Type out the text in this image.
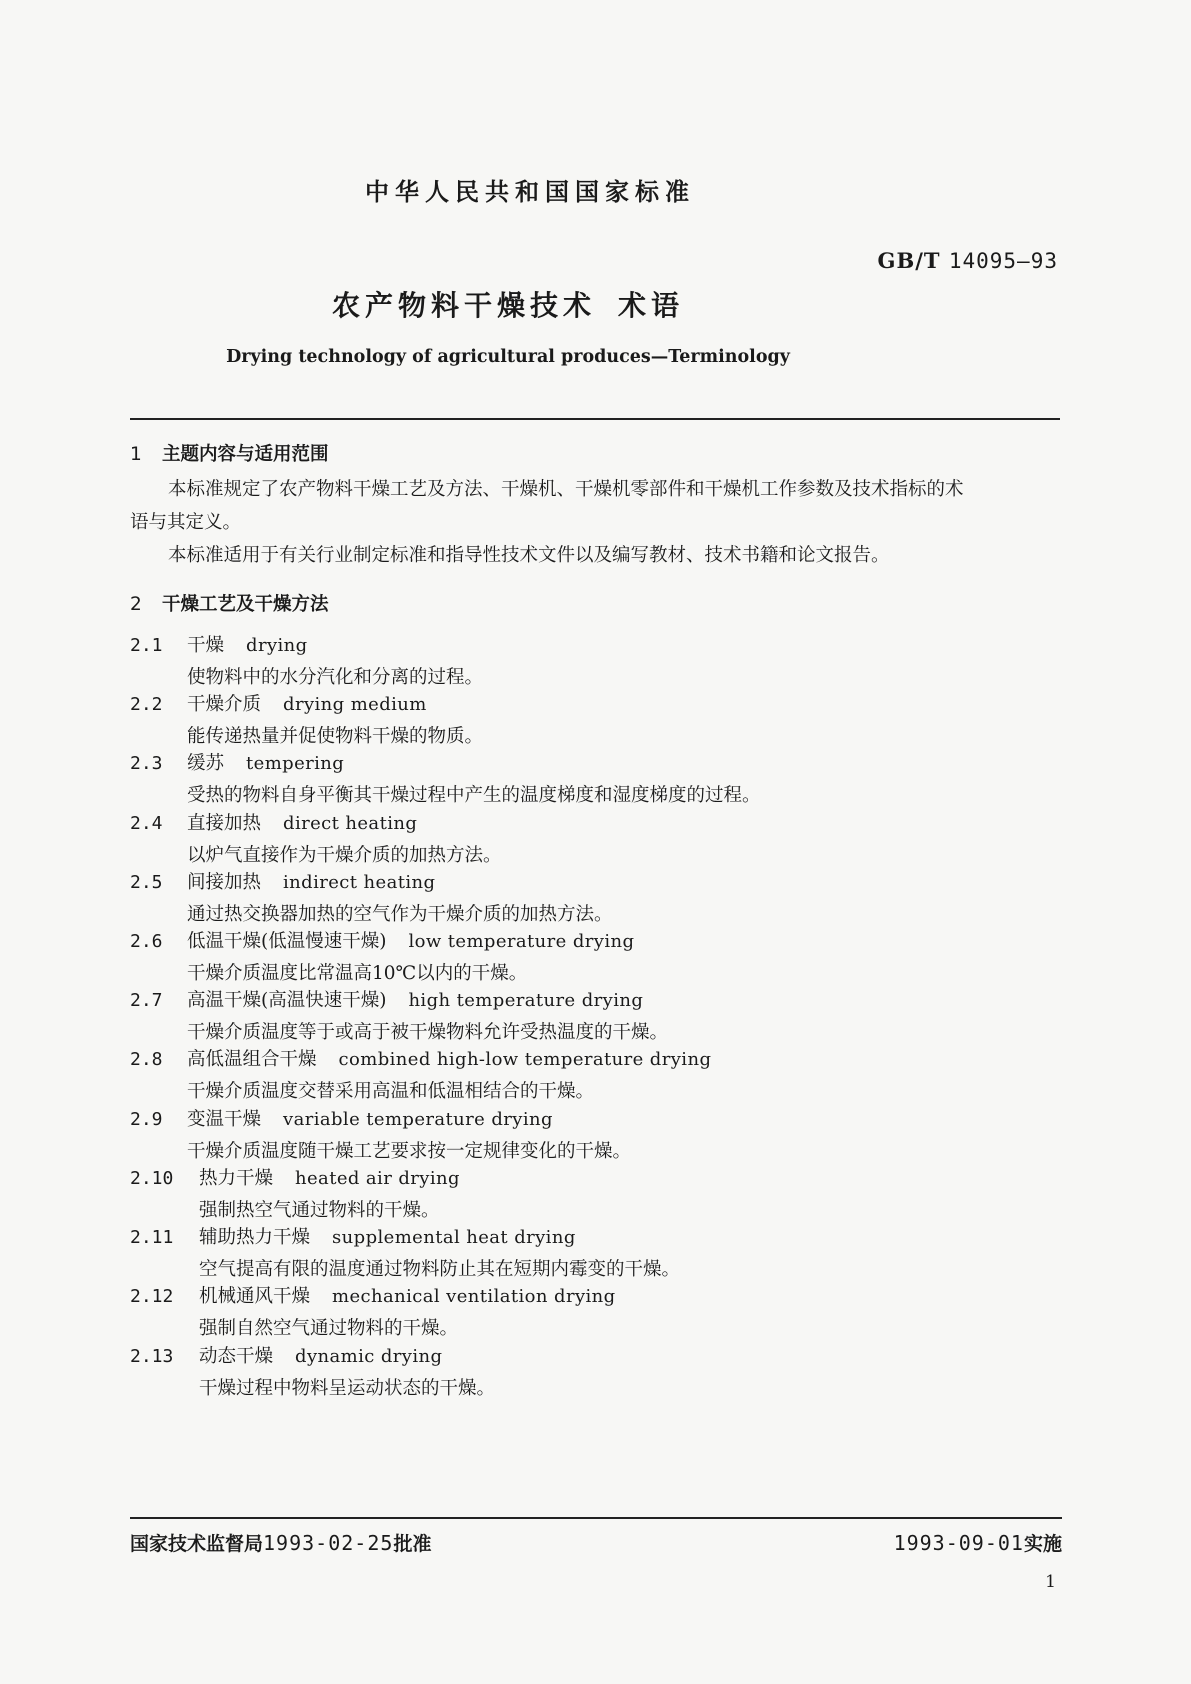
中华人民共和国国家标准
GB/T 14095—93
农产物料干燥技术 术语
Drying technology of agricultural produces—Terminology
1 主题内容与适用范围
本标准规定了农产物料干燥工艺及方法、干燥机、干燥机零部件和干燥机工作参数及技术指标的术
语与其定义。
本标准适用于有关行业制定标准和指导性技术文件以及编写教材、技术书籍和论文报告。
2 干燥工艺及干燥方法
2.1 干燥 drying
使物料中的水分汽化和分离的过程。
2.2 干燥介质 drying medium
能传递热量并促使物料干燥的物质。
2.3 缓苏 tempering
受热的物料自身平衡其干燥过程中产生的温度梯度和湿度梯度的过程。
2.4 直接加热 direct heating
以炉气直接作为干燥介质的加热方法。
2.5 间接加热 indirect heating
通过热交换器加热的空气作为干燥介质的加热方法。
2.6 低温干燥(低温慢速干燥) low temperature drying
干燥介质温度比常温高10℃以内的干燥。
2.7 高温干燥(高温快速干燥) high temperature drying
干燥介质温度等于或高于被干燥物料允许受热温度的干燥。
2.8 高低温组合干燥 combined high-low temperature drying
干燥介质温度交替采用高温和低温相结合的干燥。
2.9 变温干燥 variable temperature drying
干燥介质温度随干燥工艺要求按一定规律变化的干燥。
2.10 热力干燥 heated air drying
强制热空气通过物料的干燥。
2.11 辅助热力干燥 supplemental heat drying
空气提高有限的温度通过物料防止其在短期内霉变的干燥。
2.12 机械通风干燥 mechanical ventilation drying
强制自然空气通过物料的干燥。
2.13 动态干燥 dynamic drying
干燥过程中物料呈运动状态的干燥。
国家技术监督局1993-02-25批准	1993-09-01实施
1
